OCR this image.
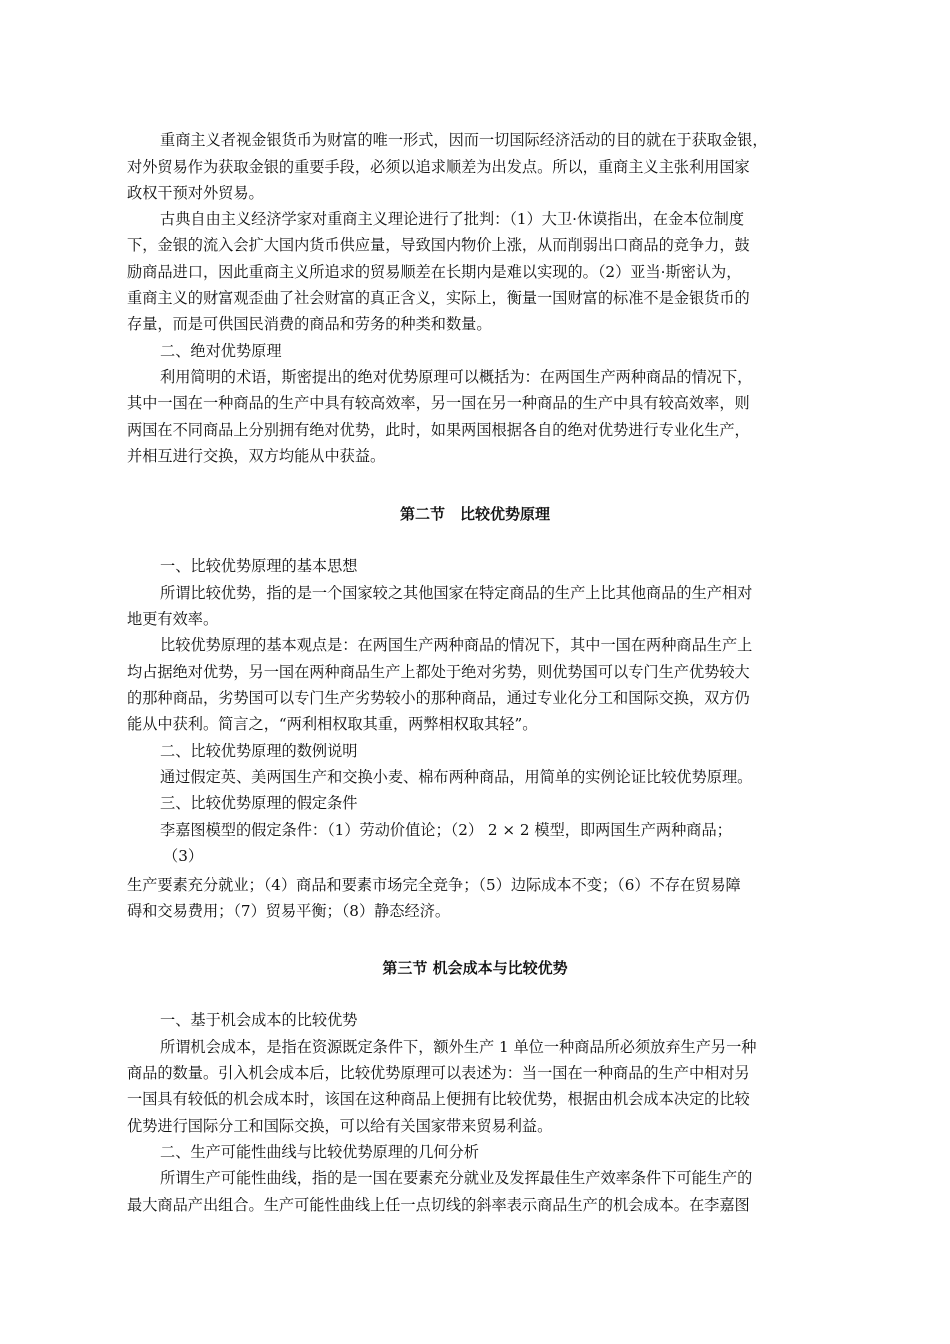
重商主义者视金银货币为财富的唯一形式，因而一切国际经济活动的目的就在于获取金银，
对外贸易作为获取金银的重要手段，必须以追求顺差为出发点。所以，重商主义主张利用国家
政权干预对外贸易。
古典自由主义经济学家对重商主义理论进行了批判：（1）大卫·休谟指出，在金本位制度
下，金银的流入会扩大国内货币供应量，导致国内物价上涨，从而削弱出口商品的竞争力，鼓
励商品进口，因此重商主义所追求的贸易顺差在长期内是难以实现的。（2）亚当·斯密认为，
重商主义的财富观歪曲了社会财富的真正含义，实际上，衡量一国财富的标准不是金银货币的
存量，而是可供国民消费的商品和劳务的种类和数量。
二、绝对优势原理
利用简明的术语，斯密提出的绝对优势原理可以概括为：在两国生产两种商品的情况下，
其中一国在一种商品的生产中具有较高效率，另一国在另一种商品的生产中具有较高效率，则
两国在不同商品上分别拥有绝对优势，此时，如果两国根据各自的绝对优势进行专业化生产，
并相互进行交换，双方均能从中获益。
第二节　比较优势原理
一、比较优势原理的基本思想
所谓比较优势，指的是一个国家较之其他国家在特定商品的生产上比其他商品的生产相对
地更有效率。
比较优势原理的基本观点是：在两国生产两种商品的情况下，其中一国在两种商品生产上
均占据绝对优势，另一国在两种商品生产上都处于绝对劣势，则优势国可以专门生产优势较大
的那种商品，劣势国可以专门生产劣势较小的那种商品，通过专业化分工和国际交换，双方仍
能从中获利。简言之，“两利相权取其重，两弊相权取其轻”。
二、比较优势原理的数例说明
通过假定英、美两国生产和交换小麦、棉布两种商品，用简单的实例论证比较优势原理。
三、比较优势原理的假定条件
李嘉图模型的假定条件：（1）劳动价值论；（2） 2 × 2 模型，即两国生产两种商品；
（3）
生产要素充分就业；（4）商品和要素市场完全竞争；（5）边际成本不变；（6）不存在贸易障
碍和交易费用；（7）贸易平衡；（8）静态经济。
第三节 机会成本与比较优势
一、基于机会成本的比较优势
所谓机会成本，是指在资源既定条件下，额外生产 1 单位一种商品所必须放弃生产另一种
商品的数量。引入机会成本后，比较优势原理可以表述为：当一国在一种商品的生产中相对另
一国具有较低的机会成本时，该国在这种商品上便拥有比较优势，根据由机会成本决定的比较
优势进行国际分工和国际交换，可以给有关国家带来贸易利益。
二、生产可能性曲线与比较优势原理的几何分析
所谓生产可能性曲线，指的是一国在要素充分就业及发挥最佳生产效率条件下可能生产的
最大商品产出组合。生产可能性曲线上任一点切线的斜率表示商品生产的机会成本。在李嘉图
